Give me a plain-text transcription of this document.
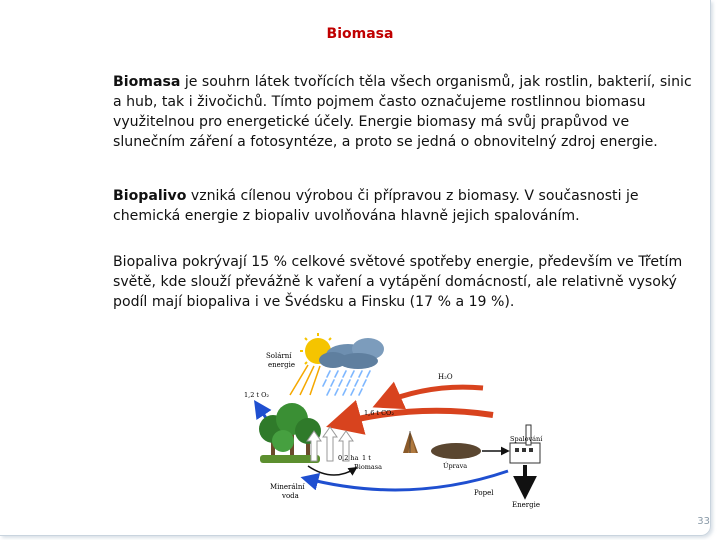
Biomasa

Biomasa je souhrn látek tvořících těla všech organismů, jak rostlin, bakterií, sinic a hub, tak i živočichů. Tímto pojmem často označujeme rostlinnou biomasu využitelnou pro energetické účely. Energie biomasy má svůj prapůvod ve slunečním záření a fotosyntéze, a proto se jedná o obnovitelný zdroj energie.

Biopalivo vzniká cílenou výrobou či přípravou z biomasy. V současnosti je chemická energie z biopaliv uvolňována hlavně jejich spalováním.

Biopaliva pokrývají 15 % celkové světové spotřeby energie, především ve Třetím světě, kde slouží převážně k vaření a vytápění domácností, ale relativně vysoký podíl mají biopaliva i ve Švédsku a Finsku (17 % a 19 %).

Solární
energie
1,2 t O₂
H₂O
1,6 t CO₂
Spalování
0,2 ha 1 t
Biomasa	Úprava
Minerální
voda	Popel
Energie
33
